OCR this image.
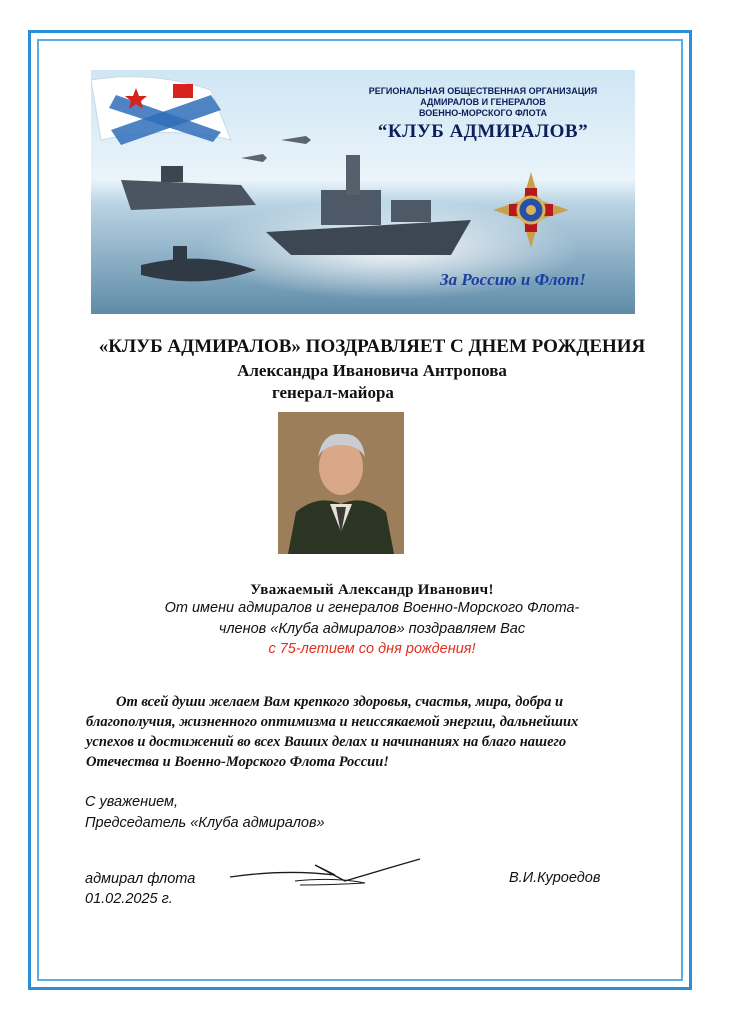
РЕГИОНАЛЬНАЯ ОБЩЕСТВЕННАЯ ОРГАНИЗАЦИЯ
АДМИРАЛОВ И ГЕНЕРАЛОВ
ВОЕННО-МОРСКОГО ФЛОТА
“КЛУБ АДМИРАЛОВ”
За Россию и Флот!
«КЛУБ АДМИРАЛОВ» ПОЗДРАВЛЯЕТ С ДНЕМ РОЖДЕНИЯ
Александра Ивановича Антропова
генерал-майора
Уважаемый Александр Иванович!
От имени адмиралов и генералов Военно-Морского Флота-
членов «Клуба адмиралов» поздравляем Вас
с 75-летием со дня рождения!
От всей души желаем Вам крепкого здоровья, счастья, мира, добра и
благополучия, жизненного оптимизма и неиссякаемой энергии, дальнейших
успехов и достижений во всех Ваших делах и начинаниях на благо нашего
Отечества и Военно-Морского Флота России!
С уважением,
Председатель «Клуба адмиралов»
адмирал флота
01.02.2025 г.
В.И.Куроедов
